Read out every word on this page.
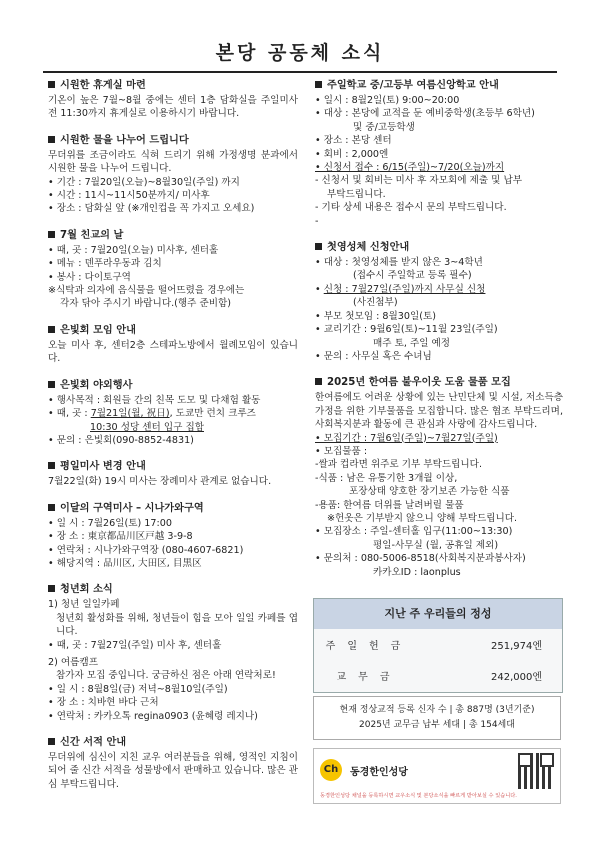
본당 공동체 소식
시원한 휴게실 마련

기온이 높은 7월~8월 중에는 센터 1층 담화실을 주일미사 전 11:30까지 휴게실로 이용하시기 바랍니다.

시원한 물을 나누어 드립니다

무더위를 조금이라도 식혀 드리기 위해 가정생명 분과에서 시원한 물을 나누어 드립니다.

• 기간 : 7월20일(오늘)~8월30일(주일) 까지

• 시간 : 11시~11시50분까지/ 미사후

• 장소 : 담화실 앞 (※개인컵을 꼭 가지고 오세요)

7월 친교의 날

• 때, 곳 : 7월20일(오늘) 미사후, 센터홀

• 메뉴 : 덴푸라우동과 김치

• 봉사 : 다이토구역

※식탁과 의자에 음식물을 떨어뜨렸을 경우에는

각자 닦아 주시기 바랍니다.(행주 준비함)

은빛회 모임 안내

오늘 미사 후, 센터2층 스테파노방에서 월례모임이 있습니다.

은빛회 야외행사

• 행사목적 : 회원들 간의 친목 도모 및 다채험 활동

• 때, 곳 : 7월21일(월, 祝日), 도쿄만 런치 크루즈

10:30 성당 센터 입구 집합

• 문의 : 은빛회(090-8852-4831)

평일미사 변경 안내

7월22일(화) 19시 미사는 장례미사 관계로 없습니다.

이달의 구역미사 – 시나가와구역

• 일 시 : 7월26일(토) 17:00

• 장 소 : 東京都品川区戸越 3-9-8

• 연락처 : 시나가와구역장 (080-4607-6821)

• 해당지역 : 品川区, 大田区, 目黒区

청년회 소식

1) 청년 일일카페

청년회 활성화를 위해, 청년들이 힘을 모아 일일 카페를 엽니다.

• 때, 곳 : 7월27일(주일) 미사 후, 센터홀

2) 여름캠프

참가자 모집 중입니다. 궁금하신 점은 아래 연락처로!

• 일 시 : 8월8일(금) 저녁~8월10일(주일)

• 장 소 : 치바현 바다 근처

• 연락처 : 카카오톡 regina0903 (윤혜령 레지나)

신간 서적 안내

무더위에 심신이 지친 교우 여러분들을 위해, 영적인 지침이 되어 줄 신간 서적을 성물방에서 판매하고 있습니다. 많은 관심 부탁드립니다.

주일학교 중/고등부 여름신앙학교 안내

• 일시 : 8월2일(토) 9:00~20:00

• 대상 : 본당에 교적을 둔 예비중학생(초등부 6학년)

및 중/고등학생

• 장소 : 본당 센터

• 회비 : 2,000엔

• 신청서 접수 : 6/15(주일)~7/20(오늘)까지

- 신청서 및 회비는 미사 후 자모회에 제출 및 납부

부탁드립니다.

- 기타 상세 내용은 접수시 문의 부탁드립니다.

-

첫영성체 신청안내

• 대상 : 첫영성체를 받지 않은 3~4학년

(접수시 주일학교 등록 필수)

• 신청 : 7월27일(주일)까지 사무실 신청

(사진첨부)

• 부모 첫모임 : 8월30일(토)

• 교리기간 : 9월6일(토)~11월 23일(주일)

매주 토, 주일 예정

• 문의 : 사무실 혹은 수녀님

2025년 한여름 불우이웃 도움 물품 모집

한여름에도 어려운 상황에 있는 난민단체 및 시설, 저소득층 가정을 위한 기부물품을 모집합니다. 많은 협조 부탁드리며, 사회복지분과 활동에 큰 관심과 사랑에 감사드립니다.

• 모집기간 : 7월6일(주일)~7월27일(주일)

• 모집물품 :

-쌀과 컵라면 위주로 기부 부탁드립니다.

-식품 : 남은 유통기한 3개월 이상,

포장상태 양호한 장기보존 가능한 식품

-용품: 한여름 더위를 날려버릴 물품

※헌옷은 기부받지 않으니 양해 부탁드립니다.

• 모집장소 : 주일-센터홀 입구(11:00~13:30)

평일-사무실 (월, 공휴일 제외)

• 문의처 : 080-5006-8518(사회복지분과봉사자)

카카오ID : laonplus

지난 주 우리들의 정성
주일헌금	251,974엔
교무금	242,000엔
현재 정상교적 등록 신자 수 | 총 887명 (3년기준)
2025년 교무금 납부 세대 | 총 154세대
Ch	동경한인성당
동경한인성당 채널을 등록하시면 교우소식 및 본당소식을 빠르게 받아보실 수 있습니다.
